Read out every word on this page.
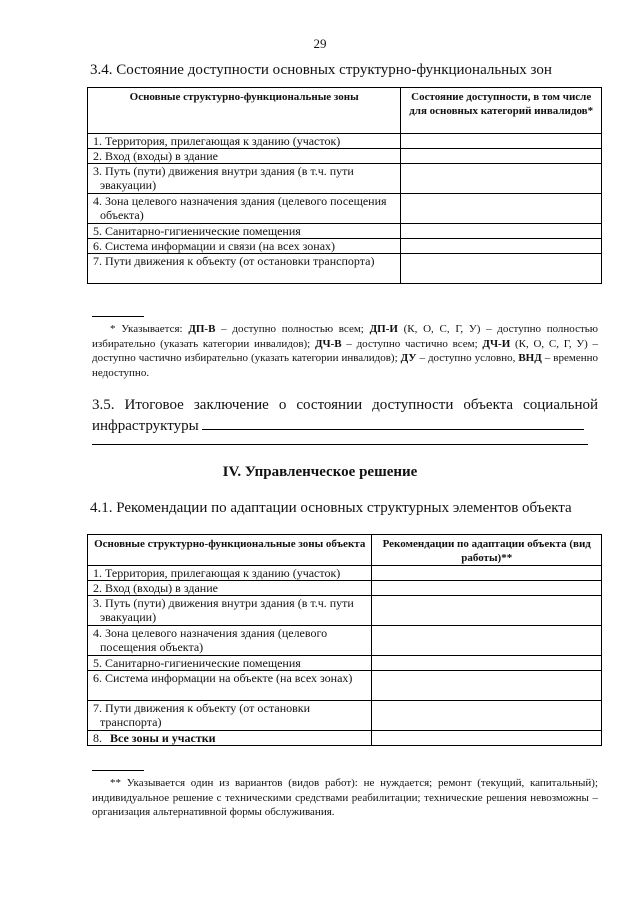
29
3.4. Состояние доступности основных структурно-функциональных зон
Основные структурно-функциональные зоны	Состояние доступности, в том числе для основных категорий инвалидов*
1. Территория, прилегающая к зданию (участок)	
2. Вход (входы) в здание	
3. Путь (пути) движения внутри здания (в т.ч. пути эвакуации)	
4. Зона целевого назначения здания (целевого посещения объекта)	
5. Санитарно-гигиенические помещения	
6. Система информации и связи (на всех зонах)	
7. Пути движения к объекту (от остановки транспорта)	
* Указывается: ДП-В – доступно полностью всем; ДП-И (К, О, С, Г, У) – доступно полностью избирательно (указать категории инвалидов); ДЧ-В – доступно частично всем; ДЧ-И (К, О, С, Г, У) – доступно частично избирательно (указать категории инвалидов); ДУ – доступно условно, ВНД – временно недоступно.
3.5. Итоговое заключение о состоянии доступности объекта социальной инфраструктуры
IV. Управленческое решение
4.1. Рекомендации по адаптации основных структурных элементов объекта
Основные структурно-функциональные зоны объекта	Рекомендации по адаптации объекта (вид работы)**
1. Территория, прилегающая к зданию (участок)	
2. Вход (входы) в здание	
3. Путь (пути) движения внутри здания (в т.ч. пути эвакуации)	
4. Зона целевого назначения здания (целевого посещения объекта)	
5. Санитарно-гигиенические помещения	
6. Система информации на объекте (на всех зонах)	
7. Пути движения к объекту (от остановки транспорта)	
8. Все зоны и участки	
** Указывается один из вариантов (видов работ): не нуждается; ремонт (текущий, капитальный); индивидуальное решение с техническими средствами реабилитации; технические решения невозможны – организация альтернативной формы обслуживания.
